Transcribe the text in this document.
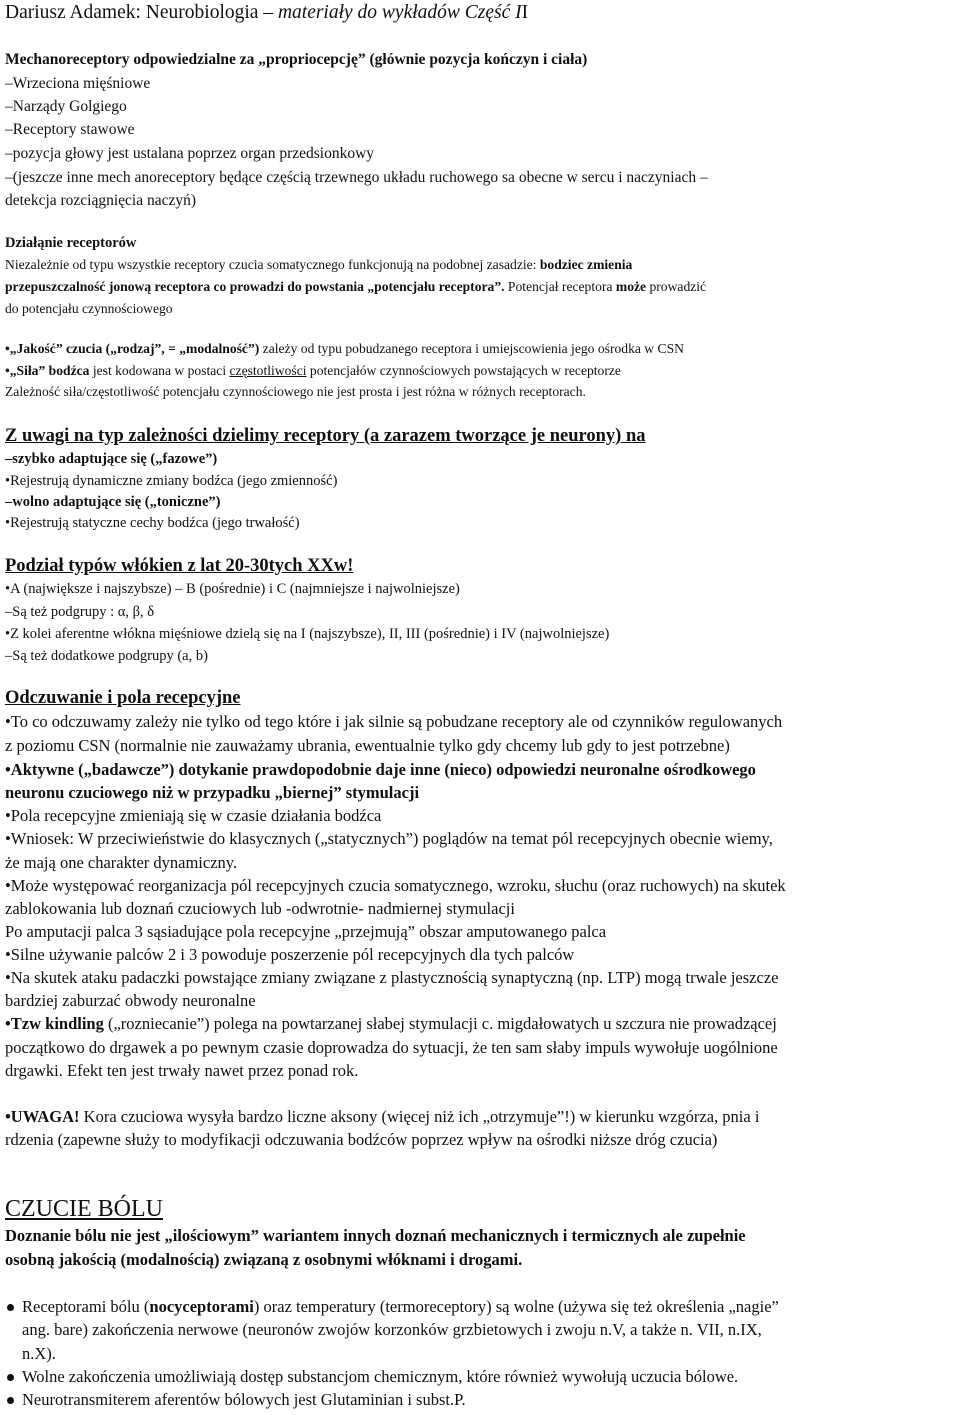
Dariusz Adamek: Neurobiologia – materiały do wykładów Część II
Mechanoreceptory odpowiedzialne za „propriocepcję” (głównie pozycja kończyn i ciała)
–Wrzeciona mięśniowe
–Narządy Golgiego
–Receptory stawowe
–pozycja głowy jest ustalana poprzez organ przedsionkowy
–(jeszcze inne mech anoreceptory będące częścią trzewnego układu ruchowego sa obecne w sercu i naczyniach –
detekcja rozciągnięcia naczyń)
Działąnie receptorów
Niezależnie od typu wszystkie receptory czucia somatycznego funkcjonują na podobnej zasadzie: bodziec zmienia
przepuszczalność jonową receptora co prowadzi do powstania „potencjału receptora”. Potencjał receptora może prowadzić
do potencjału czynnościowego
•„Jakość” czucia („rodzaj”, = „modalność”) zależy od typu pobudzanego receptora i umiejscowienia jego ośrodka w CSN
•„Siła” bodźca jest kodowana w postaci częstotliwości potencjałów czynnościowych powstających w receptorze
Zależność siła/częstotliwość potencjału czynnościowego nie jest prosta i jest różna w różnych receptorach.
Z uwagi na typ zależności dzielimy receptory (a zarazem tworzące je neurony) na
–szybko adaptujące się („fazowe”)
•Rejestrują dynamiczne zmiany bodźca (jego zmienność)
–wolno adaptujące się („toniczne”)
•Rejestrują statyczne cechy bodźca (jego trwałość)
Podział typów włókien z lat 20-30tych XXw!
•A (największe i najszybsze) – B (pośrednie) i C (najmniejsze i najwolniejsze)
–Są też podgrupy : α, β, δ
•Z kolei aferentne włókna mięśniowe dzielą się na I (najszybsze), II, III (pośrednie) i IV (najwolniejsze)
–Są też dodatkowe podgrupy (a, b)
Odczuwanie i pola recepcyjne
•To co odczuwamy zależy nie tylko od tego które i jak silnie są pobudzane receptory ale od czynników regulowanych
z poziomu CSN (normalnie nie zauważamy ubrania, ewentualnie tylko gdy chcemy lub gdy to jest potrzebne)
•Aktywne („badawcze”) dotykanie prawdopodobnie daje inne (nieco) odpowiedzi neuronalne ośrodkowego
neuronu czuciowego niż w przypadku „biernej” stymulacji
•Pola recepcyjne zmieniają się w czasie działania bodźca
•Wniosek: W przeciwieństwie do klasycznych („statycznych”) poglądów na temat pól recepcyjnych obecnie wiemy,
że mają one charakter dynamiczny.
•Może występować reorganizacja pól recepcyjnych czucia somatycznego, wzroku, słuchu (oraz ruchowych) na skutek
zablokowania lub doznań czuciowych lub -odwrotnie- nadmiernej stymulacji
Po amputacji palca 3 sąsiadujące pola recepcyjne „przejmują” obszar amputowanego palca
•Silne używanie palców 2 i 3 powoduje poszerzenie pól recepcyjnych dla tych palców
•Na skutek ataku padaczki powstające zmiany związane z plastycznością synaptyczną (np. LTP) mogą trwale jeszcze
bardziej zaburzać obwody neuronalne
•Tzw kindling („rozniecanie”) polega na powtarzanej słabej stymulacji c. migdałowatych u szczura nie prowadzącej
początkowo do drgawek a po pewnym czasie doprowadza do sytuacji, że ten sam słaby impuls wywołuje uogólnione
drgawki. Efekt ten jest trwały nawet przez ponad rok.
•UWAGA! Kora czuciowa wysyła bardzo liczne aksony (więcej niż ich „otrzymuje”!) w kierunku wzgórza, pnia i
rdzenia (zapewne służy to modyfikacji odczuwania bodźców poprzez wpływ na ośrodki niższe dróg czucia)
CZUCIE BÓLU
Doznanie bólu nie jest „ilościowym” wariantem innych doznań mechanicznych i termicznych ale zupełnie
osobną jakością (modalnością) związaną z osobnymi włóknami i drogami.
Receptorami bólu (nocyceptorami) oraz temperatury (termoreceptory) są wolne (używa się też określenia „nagie”
ang. bare) zakończenia nerwowe (neuronów zwojów korzonków grzbietowych i zwoju n.V, a także n. VII, n.IX,
n.X).
Wolne zakończenia umożliwiają dostęp substancjom chemicznym, które również wywołują uczucia bólowe.
Neurotransmiterem aferentów bólowych jest Glutaminian i subst.P.
